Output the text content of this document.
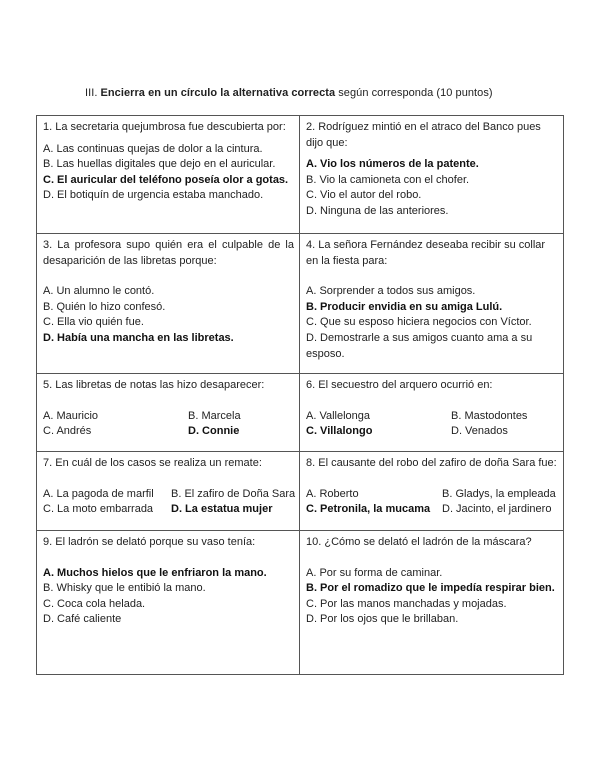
III. Encierra en un círculo la alternativa correcta según corresponda (10 puntos)

1. La secretaria quejumbrosa fue descubierta por:

A. Las continuas quejas de dolor a la cintura.
B. Las huellas digitales que dejo en el auricular.
C. El auricular del teléfono poseía olor a gotas.
D. El botiquín de urgencia estaba manchado.

2. Rodríguez mintió en el atraco del Banco pues dijo que:

A. Vio los números de la patente.
B. Vio la camioneta con el chofer.
C. Vio el autor del robo.
D. Ninguna de las anteriores.

3. La profesora supo quién era el culpable de la desaparición de las libretas porque:

A. Un alumno le contó.
B. Quién lo hizo confesó.
C. Ella vio quién fue.
D. Había una mancha en las libretas.

4. La señora Fernández deseaba recibir su collar en la fiesta para:

A. Sorprender a todos sus amigos.
B. Producir envidia en su amiga Lulú.
C. Que su esposo hiciera negocios con Víctor.
D. Demostrarle a sus amigos cuanto ama a su esposo.

5. Las libretas de notas las hizo desaparecer:

A. Mauricio	B. Marcela
C. Andrés	D. Connie

6. El secuestro del arquero ocurrió en:

A. Vallelonga	B. Mastodontes
C. Villalongo	D. Venados

7. En cuál de los casos se realiza un remate:

A. La pagoda de marfil	B. El zafiro de Doña Sara
C. La moto embarrada	D. La estatua mujer

8. El causante del robo del zafiro de doña Sara fue:

A. Roberto	B. Gladys, la empleada
C. Petronila, la mucama	D. Jacinto, el jardinero

9. El ladrón se delató porque su vaso tenía:

A. Muchos hielos que le enfriaron la mano.
B. Whisky que le entibió la mano.
C. Coca cola helada.
D. Café caliente

10. ¿Cómo se delató el ladrón de la máscara?

A. Por su forma de caminar.
B. Por el romadizo que le impedía respirar bien.
C. Por las manos manchadas y mojadas.
D. Por los ojos que le brillaban.
